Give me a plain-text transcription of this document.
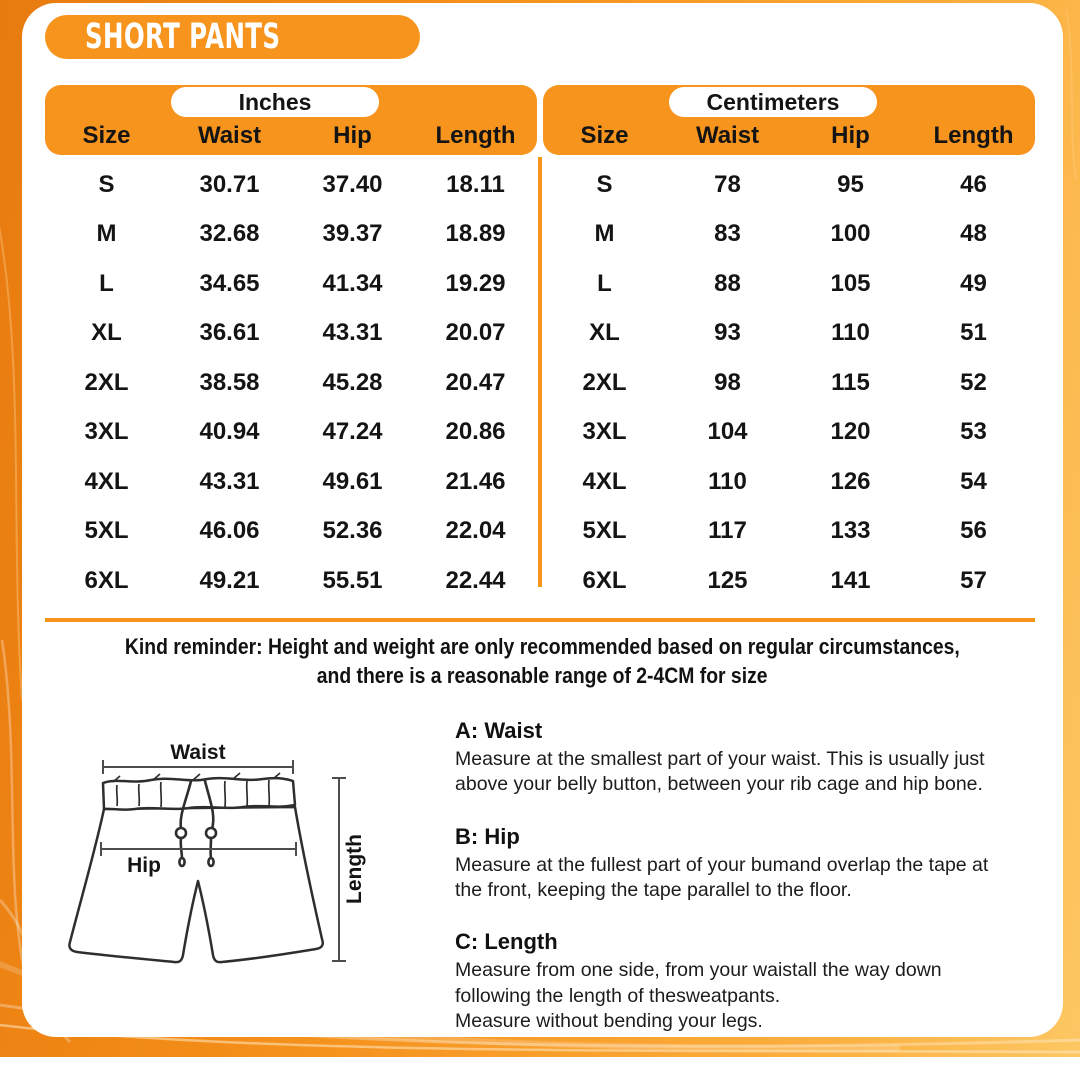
SHORT PANTS
Inches
Size	Waist	Hip	Length
S	30.71	37.40	18.11
M	32.68	39.37	18.89
L	34.65	41.34	19.29
XL	36.61	43.31	20.07
2XL	38.58	45.28	20.47
3XL	40.94	47.24	20.86
4XL	43.31	49.61	21.46
5XL	46.06	52.36	22.04
6XL	49.21	55.51	22.44
Centimeters
Size	Waist	Hip	Length
S	78	95	46
M	83	100	48
L	88	105	49
XL	93	110	51
2XL	98	115	52
3XL	104	120	53
4XL	110	126	54
5XL	117	133	56
6XL	125	141	57
Kind reminder: Height and weight are only recommended based on regular circumstances,
and there is a reasonable range of 2-4CM for size
Waist
Hip	Length
A: Waist

Measure at the smallest part of your waist. This is usually just above your belly button, between your rib cage and hip bone.

B: Hip

Measure at the fullest part of your bumand overlap the tape at the front, keeping the tape parallel to the floor.

C: Length

Measure from one side, from your waistall the way down following the length of thesweatpants.

Measure without bending your legs.
